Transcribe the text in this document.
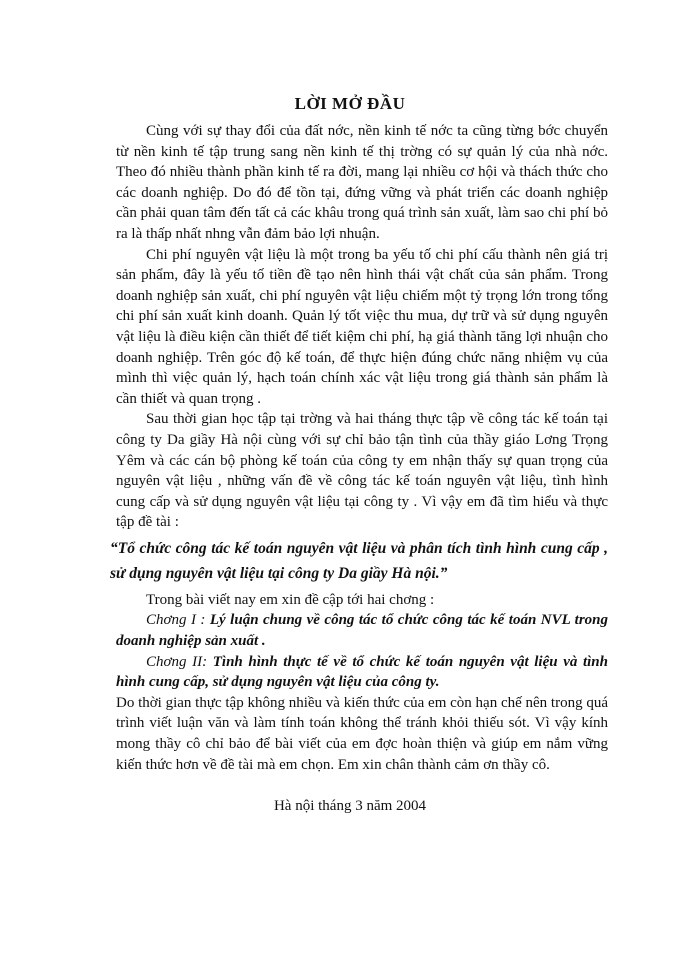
LỜI MỞ ĐẦU

Cùng với sự thay đổi của đất nớc, nền kinh tế nớc ta cũng từng bớc chuyển từ nền kinh tế tập trung sang nền kinh tế thị trờng có sự quản lý của nhà nớc. Theo đó nhiều thành phần kinh tế ra đời, mang lại nhiều cơ hội và thách thức cho các doanh nghiệp. Do đó để tồn tại, đứng vững và phát triển các doanh nghiệp cần phải quan tâm đến tất cả các khâu trong quá trình sản xuất, làm sao chi phí bỏ ra là thấp nhất nhng vẫn đảm bảo lợi nhuận.

Chi phí nguyên vật liệu là một trong ba yếu tố chi phí cấu thành nên giá trị sản phẩm, đây là yếu tố tiền đề tạo nên hình thái vật chất của sản phẩm. Trong doanh nghiệp sản xuất, chi phí nguyên vật liệu chiếm một tỷ trọng lớn trong tổng chi phí sản xuất kinh doanh. Quản lý tốt việc thu mua, dự trữ và sử dụng nguyên vật liệu là điều kiện cần thiết để tiết kiệm chi phí, hạ giá thành tăng lợi nhuận cho doanh nghiệp. Trên góc độ kế toán, để thực hiện đúng chức năng nhiệm vụ của mình thì việc quản lý, hạch toán chính xác vật liệu trong giá thành sản phẩm là cần thiết và quan trọng .

Sau thời gian học tập tại trờng và hai tháng thực tập về công tác kế toán tại công ty Da giầy Hà nội cùng với sự chỉ bảo tận tình của thầy giáo Lơng Trọng Yêm và các cán bộ phòng kế toán của công ty em nhận thấy sự quan trọng của nguyên vật liệu , những vấn đề về công tác kế toán nguyên vật liệu, tình hình cung cấp và sử dụng nguyên vật liệu tại công ty . Vì vậy em đã tìm hiểu và thực tập đề tài :

“Tổ chức công tác kế toán nguyên vật liệu và phân tích tình hình cung cấp , sử dụng nguyên vật liệu tại công ty Da giầy Hà nội.”

Trong bài viết nay em xin đề cập tới hai chơng :

Chơng I : Lý luận chung về công tác tổ chức công tác kế toán NVL trong doanh nghiệp sản xuất .

Chơng II: Tình hình thực tế về tổ chức kế toán nguyên vật liệu và tình hình cung cấp, sử dụng nguyên vật liệu của công ty.

Do thời gian thực tập không nhiều và kiến thức của em còn hạn chế nên trong quá trình viết luận văn và làm tính toán không thể tránh khỏi thiếu sót. Vì vậy kính mong thầy cô chỉ bảo để bài viết của em đợc hoàn thiện và giúp em nắm vững kiến thức hơn về đề tài mà em chọn. Em xin chân thành cảm ơn thầy cô.

Hà nội tháng 3 năm 2004
